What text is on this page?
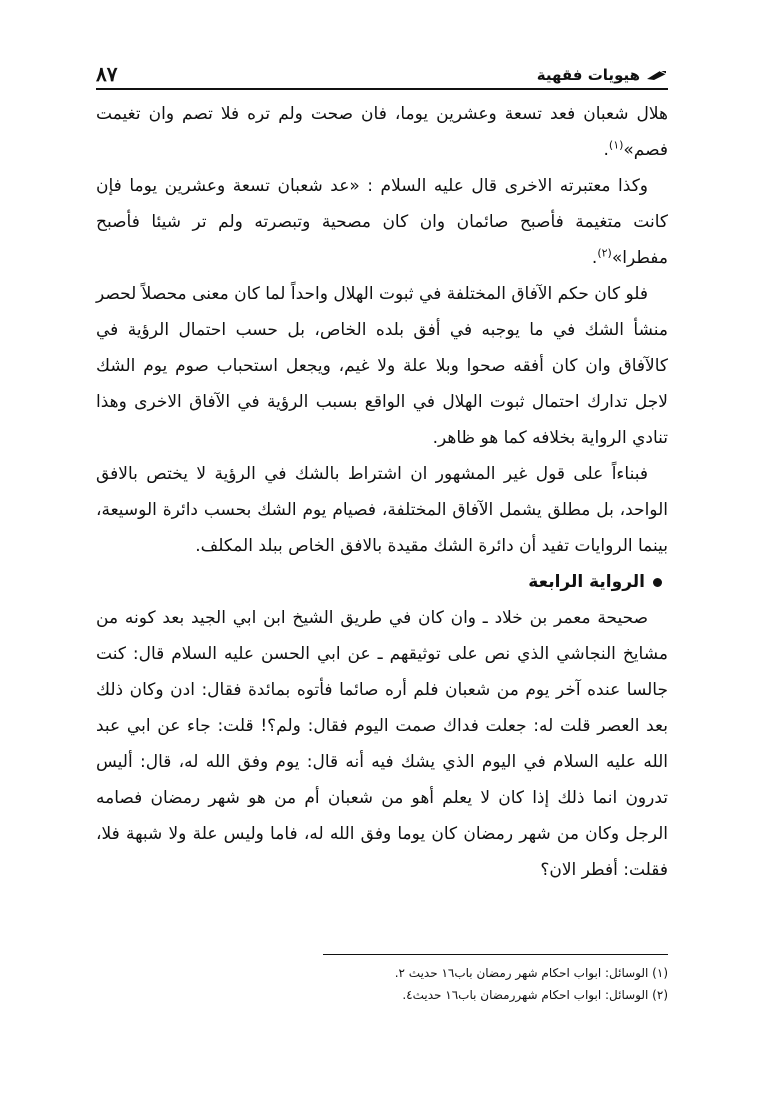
٨٧	هيويات فقهية

هلال شعبان فعد تسعة وعشرين يوما، فان صحت ولم تره فلا تصم وان تغيمت فصم»$^{(١)}$.

وكذا معتبرته الاخرى قال عليه السلام : «عد شعبان تسعة وعشرين يوما فإن كانت متغيمة فأصبح صائمان وان كان مصحية وتبصرته ولم تر شيئا فأصبح مفطرا»$^{(٢)}$.

فلو كان حكم الآفاق المختلفة في ثبوت الهلال واحداً لما كان معنى محصلاً لحصر منشأ الشك في ما يوجبه في أفق بلده الخاص، بل حسب احتمال الرؤية في كالآفاق وان كان أفقه صحوا وبلا علة ولا غيم، ويجعل استحباب صوم يوم الشك لاجل تدارك احتمال ثبوت الهلال في الواقع بسبب الرؤية في الآفاق الاخرى وهذا تنادي الرواية بخلافه كما هو ظاهر.

فبناءاً على قول غير المشهور ان اشتراط بالشك في الرؤية لا يختص بالافق الواحد، بل مطلق يشمل الآفاق المختلفة، فصيام يوم الشك بحسب دائرة الوسيعة، بينما الروايات تفيد أن دائرة الشك مقيدة بالافق الخاص ببلد المكلف.

الرواية الرابعة

صحيحة معمر بن خلاد ـ وان كان في طريق الشيخ ابن ابي الجيد بعد كونه من مشايخ النجاشي الذي نص على توثيقهم ـ عن ابي الحسن عليه السلام قال: كنت جالسا عنده آخر يوم من شعبان فلم أره صائما فأتوه بمائدة فقال: ادن وكان ذلك بعد العصر قلت له: جعلت فداك صمت اليوم فقال: ولم؟! قلت: جاء عن ابي عبد الله عليه السلام في اليوم الذي يشك فيه أنه قال: يوم وفق الله له، قال: أليس تدرون انما ذلك إذا كان لا يعلم أهو من شعبان أم من هو شهر رمضان فصامه الرجل وكان من شهر رمضان كان يوما وفق الله له، فاما وليس علة ولا شبهة فلا، فقلت: أفطر الان؟

(١) الوسائل: ابواب احكام شهر رمضان باب١٦ حديث ٢.
(٢) الوسائل: ابواب احكام شهررمضان باب١٦ حديث٤.
